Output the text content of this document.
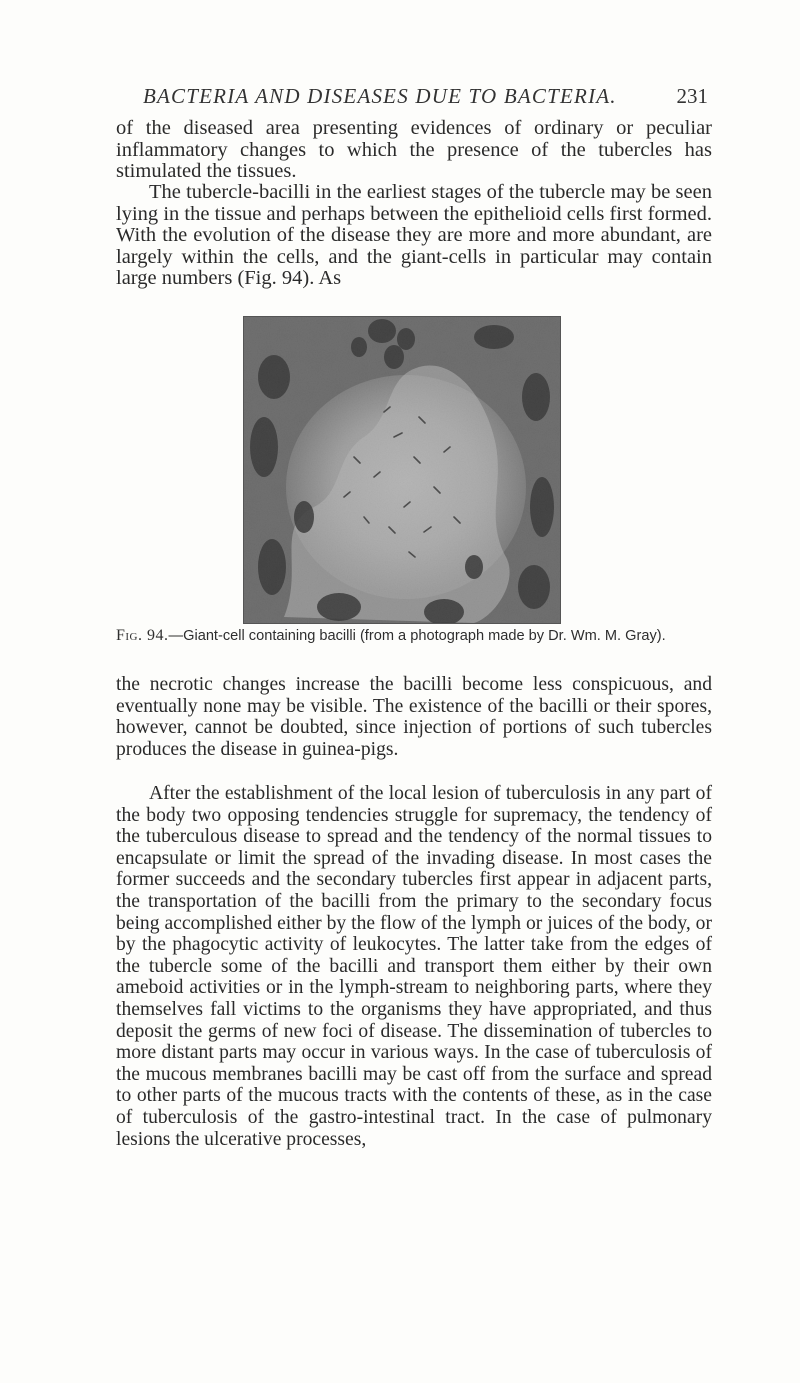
BACTERIA AND DISEASES DUE TO BACTERIA.	231

of the diseased area presenting evidences of ordinary or peculiar inflammatory changes to which the presence of the tubercles has stimulated the tissues.

The tubercle-bacilli in the earliest stages of the tubercle may be seen lying in the tissue and perhaps between the epithelioid cells first formed. With the evolution of the disease they are more and more abundant, are largely within the cells, and the giant-cells in particular may contain large numbers (Fig. 94). As

Fig. 94.—Giant-cell containing bacilli (from a photograph made by Dr. Wm. M. Gray).

the necrotic changes increase the bacilli become less conspicuous, and eventually none may be visible. The existence of the bacilli or their spores, however, cannot be doubted, since injection of portions of such tubercles produces the disease in guinea-pigs.

After the establishment of the local lesion of tuberculosis in any part of the body two opposing tendencies struggle for supremacy, the tendency of the tuberculous disease to spread and the tendency of the normal tissues to encapsulate or limit the spread of the invading disease. In most cases the former succeeds and the secondary tubercles first appear in adjacent parts, the transportation of the bacilli from the primary to the secondary focus being accomplished either by the flow of the lymph or juices of the body, or by the phagocytic activity of leukocytes. The latter take from the edges of the tubercle some of the bacilli and transport them either by their own ameboid activities or in the lymph-stream to neighboring parts, where they themselves fall victims to the organisms they have appropriated, and thus deposit the germs of new foci of disease. The dissemination of tubercles to more distant parts may occur in various ways. In the case of tuberculosis of the mucous membranes bacilli may be cast off from the surface and spread to other parts of the mucous tracts with the contents of these, as in the case of tuberculosis of the gastro-intestinal tract. In the case of pulmonary lesions the ulcerative processes,
